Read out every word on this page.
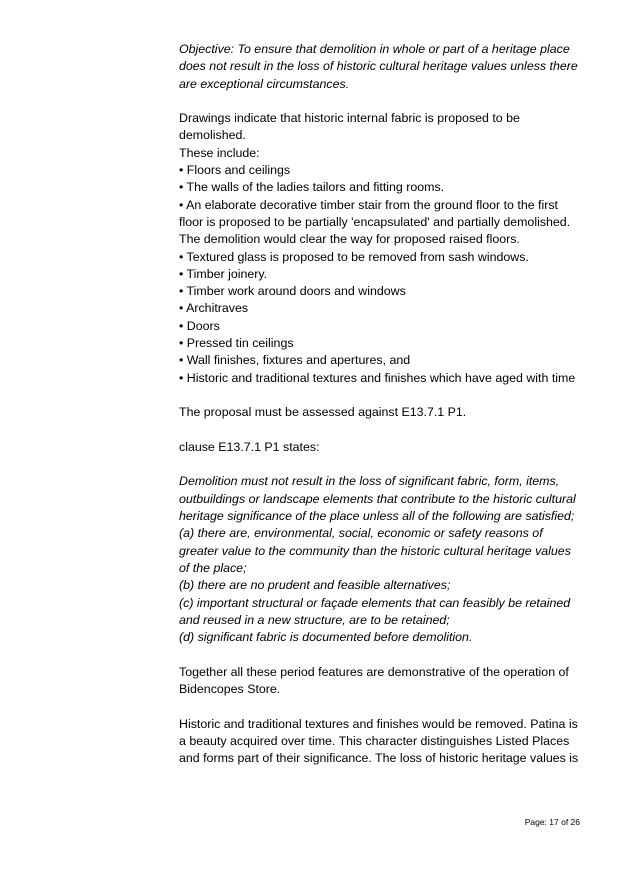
Objective: To ensure that demolition in whole or part of a heritage place does not result in the loss of historic cultural heritage values unless there are exceptional circumstances.

Drawings indicate that historic internal fabric is proposed to be demolished.

These include:

• Floors and ceilings

• The walls of the ladies tailors and fitting rooms.

• An elaborate decorative timber stair from the ground floor to the first floor is proposed to be partially 'encapsulated' and partially demolished. The demolition would clear the way for proposed raised floors.

• Textured glass is proposed to be removed from sash windows.

• Timber joinery.

• Timber work around doors and windows

• Architraves

• Doors

• Pressed tin ceilings

• Wall finishes, fixtures and apertures, and

• Historic and traditional textures and finishes which have aged with time

The proposal must be assessed against E13.7.1 P1.

clause E13.7.1 P1 states:

Demolition must not result in the loss of significant fabric, form, items, outbuildings or landscape elements that contribute to the historic cultural heritage significance of the place unless all of the following are satisfied;

(a) there are, environmental, social, economic or safety reasons of greater value to the community than the historic cultural heritage values of the place;

(b) there are no prudent and feasible alternatives;

(c) important structural or façade elements that can feasibly be retained and reused in a new structure, are to be retained;

(d) significant fabric is documented before demolition.

Together all these period features are demonstrative of the operation of Bidencopes Store.

Historic and traditional textures and finishes would be removed. Patina is a beauty acquired over time. This character distinguishes Listed Places and forms part of their significance. The loss of historic heritage values is

Page: 17 of 26
